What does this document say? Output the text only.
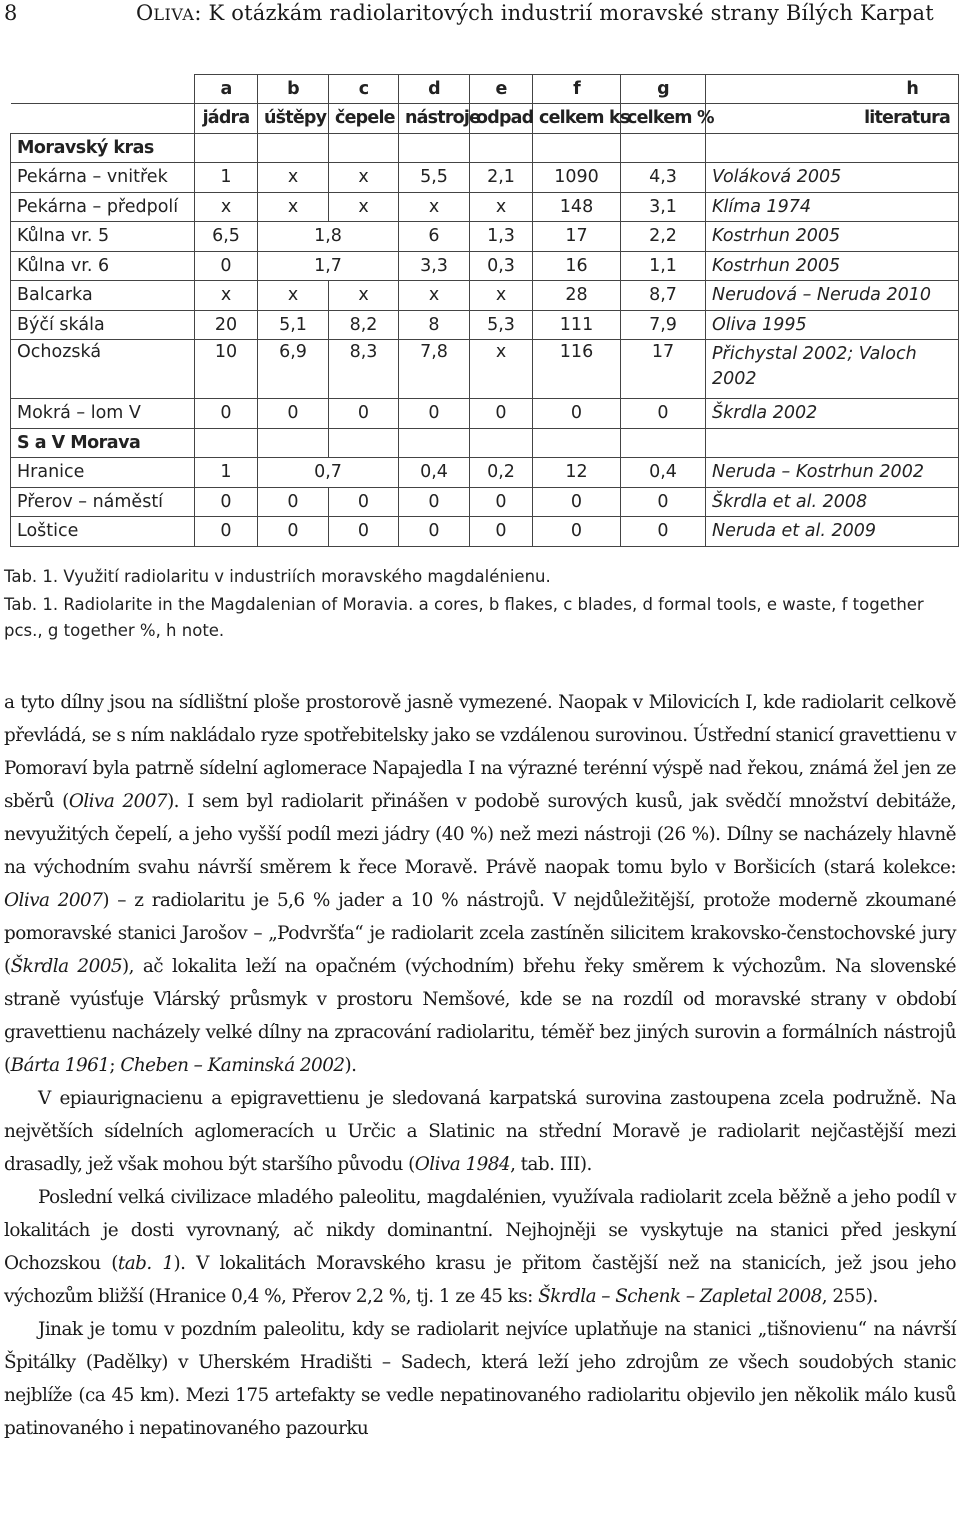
8	OLIVA: K otázkám radiolaritových industrií moravské strany Bílých Karpat
	a	b	c	d	e	f	g	h
	jádra	úštěpy	čepele	nástroje	odpad	celkem ks	celkem %	literatura
Moravský kras								
Pekárna – vnitřek	1	x	x	5,5	2,1	1090	4,3	Voláková 2005
Pekárna – předpolí	x	x	x	x	x	148	3,1	Klíma 1974
Kůlna vr. 5	6,5	1,8		6	1,3	17	2,2	Kostrhun 2005
Kůlna vr. 6	0	1,7		3,3	0,3	16	1,1	Kostrhun 2005
Balcarka	x	x	x	x	x	28	8,7	Nerudová – Neruda 2010
Býčí skála	20	5,1	8,2	8	5,3	111	7,9	Oliva 1995
Ochozská	10	6,9	8,3	7,8	x	116	17	Přichystal 2002; Valoch 2002
Mokrá – lom V	0	0	0	0	0	0	0	Škrdla 2002
S a V Morava								
Hranice	1	0,7		0,4	0,2	12	0,4	Neruda – Kostrhun 2002
Přerov – náměstí	0	0	0	0	0	0	0	Škrdla et al. 2008
Loštice	0	0	0	0	0	0	0	Neruda et al. 2009
Tab. 1. Využití radiolaritu v industriích moravského magdalénienu.
Tab. 1. Radiolarite in the Magdalenian of Moravia. a cores, b flakes, c blades, d formal tools, e waste, f together pcs., g together %, h note.

a tyto dílny jsou na sídlištní ploše prostorově jasně vymezené. Naopak v Milovicích I, kde radiolarit celkově převládá, se s ním nakládalo ryze spotřebitelsky jako se vzdálenou surovinou. Ústřední stanicí gravettienu v Pomoraví byla patrně sídelní aglomerace Napajedla I na výrazné terénní výspě nad řekou, známá žel jen ze sběrů (Oliva 2007). I sem byl radiolarit přinášen v podobě surových kusů, jak svědčí množství debitáže, nevyužitých čepelí, a jeho vyšší podíl mezi jádry (40 %) než mezi nástroji (26 %). Dílny se nacházely hlavně na východním svahu návrší směrem k řece Moravě. Právě naopak tomu bylo v Boršicích (stará kolekce: Oliva 2007) – z radiolaritu je 5,6 % jader a 10 % nástrojů. V nejdůležitější, protože moderně zkoumané pomoravské stanici Jarošov – „Podvršťa“ je radiolarit zcela zastíněn silicitem krakovsko-čenstochovské jury (Škrdla 2005), ač lokalita leží na opačném (východním) břehu řeky směrem k výchozům. Na slovenské straně vyúsťuje Vlárský průsmyk v prostoru Nemšové, kde se na rozdíl od moravské strany v období gravettienu nacházely velké dílny na zpracování radiolaritu, téměř bez jiných surovin a formálních nástrojů (Bárta 1961; Cheben – Kaminská 2002).

V epiaurignacienu a epigravettienu je sledovaná karpatská surovina zastoupena zcela podružně. Na největších sídelních aglomeracích u Určic a Slatinic na střední Moravě je radiolarit nejčastější mezi drasadly, jež však mohou být staršího původu (Oliva 1984, tab. III).

Poslední velká civilizace mladého paleolitu, magdalénien, využívala radiolarit zcela běžně a jeho podíl v lokalitách je dosti vyrovnaný, ač nikdy dominantní. Nejhojněji se vyskytuje na stanici před jeskyní Ochozskou (tab. 1). V lokalitách Moravského krasu je přitom častější než na stanicích, jež jsou jeho výchozům bližší (Hranice 0,4 %, Přerov 2,2 %, tj. 1 ze 45 ks: Škrdla – Schenk – Zapletal 2008, 255).

Jinak je tomu v pozdním paleolitu, kdy se radiolarit nejvíce uplatňuje na stanici „tišnovienu“ na návrší Špitálky (Padělky) v Uherském Hradišti – Sadech, která leží jeho zdrojům ze všech soudobých stanic nejblíže (ca 45 km). Mezi 175 artefakty se vedle nepatinovaného radiolaritu objevilo jen několik málo kusů patinovaného i nepatinovaného pazourku
